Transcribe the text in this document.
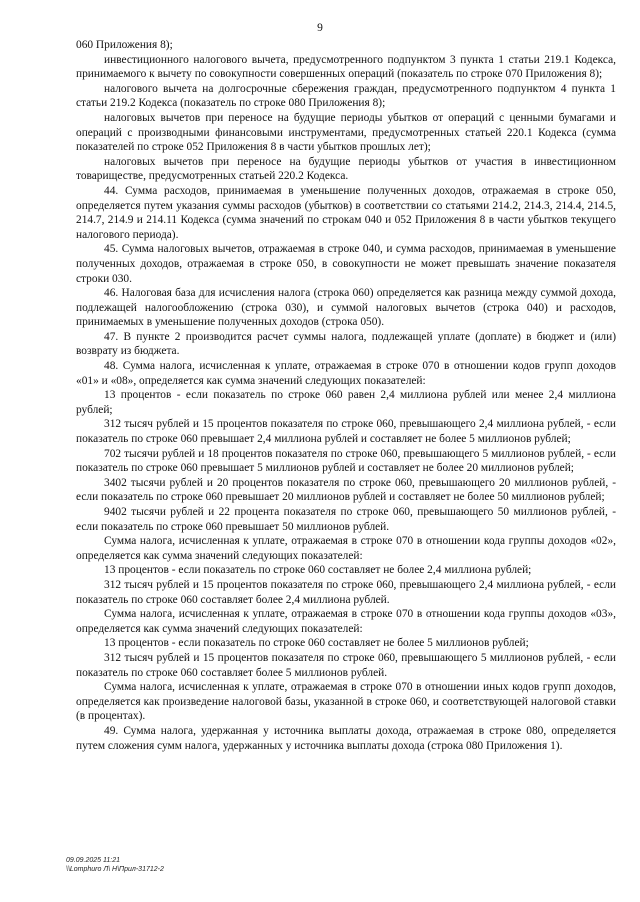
9

060 Приложения 8);

инвестиционного налогового вычета, предусмотренного подпунктом 3 пункта 1 статьи 219.1 Кодекса, принимаемого к вычету по совокупности совершенных операций (показатель по строке 070 Приложения 8);

налогового вычета на долгосрочные сбережения граждан, предусмотренного подпунктом 4 пункта 1 статьи 219.2 Кодекса (показатель по строке 080 Приложения 8);

налоговых вычетов при переносе на будущие периоды убытков от операций с ценными бумагами и операций с производными финансовыми инструментами, предусмотренных статьей 220.1 Кодекса (сумма показателей по строке 052 Приложения 8 в части убытков прошлых лет);

налоговых вычетов при переносе на будущие периоды убытков от участия в инвестиционном товариществе, предусмотренных статьей 220.2 Кодекса.

44. Сумма расходов, принимаемая в уменьшение полученных доходов, отражаемая в строке 050, определяется путем указания суммы расходов (убытков) в соответствии со статьями 214.2, 214.3, 214.4, 214.5, 214.7, 214.9 и 214.11 Кодекса (сумма значений по строкам 040 и 052 Приложения 8 в части убытков текущего налогового периода).

45. Сумма налоговых вычетов, отражаемая в строке 040, и сумма расходов, принимаемая в уменьшение полученных доходов, отражаемая в строке 050, в совокупности не может превышать значение показателя строки 030.

46. Налоговая база для исчисления налога (строка 060) определяется как разница между суммой дохода, подлежащей налогообложению (строка 030), и суммой налоговых вычетов (строка 040) и расходов, принимаемых в уменьшение полученных доходов (строка 050).

47. В пункте 2 производится расчет суммы налога, подлежащей уплате (доплате) в бюджет и (или) возврату из бюджета.

48. Сумма налога, исчисленная к уплате, отражаемая в строке 070 в отношении кодов групп доходов «01» и «08», определяется как сумма значений следующих показателей:

13 процентов - если показатель по строке 060 равен 2,4 миллиона рублей или менее 2,4 миллиона рублей;

312 тысяч рублей и 15 процентов показателя по строке 060, превышающего 2,4 миллиона рублей, - если показатель по строке 060 превышает 2,4 миллиона рублей и составляет не более 5 миллионов рублей;

702 тысячи рублей и 18 процентов показателя по строке 060, превышающего 5 миллионов рублей, - если показатель по строке 060 превышает 5 миллионов рублей и составляет не более 20 миллионов рублей;

3402 тысячи рублей и 20 процентов показателя по строке 060, превышающего 20 миллионов рублей, - если показатель по строке 060 превышает 20 миллионов рублей и составляет не более 50 миллионов рублей;

9402 тысячи рублей и 22 процента показателя по строке 060, превышающего 50 миллионов рублей, - если показатель по строке 060 превышает 50 миллионов рублей.

Сумма налога, исчисленная к уплате, отражаемая в строке 070 в отношении кода группы доходов «02», определяется как сумма значений следующих показателей:

13 процентов - если показатель по строке 060 составляет не более 2,4 миллиона рублей;

312 тысяч рублей и 15 процентов показателя по строке 060, превышающего 2,4 миллиона рублей, - если показатель по строке 060 составляет более 2,4 миллиона рублей.

Сумма налога, исчисленная к уплате, отражаемая в строке 070 в отношении кода группы доходов «03», определяется как сумма значений следующих показателей:

13 процентов - если показатель по строке 060 составляет не более 5 миллионов рублей;

312 тысяч рублей и 15 процентов показателя по строке 060, превышающего 5 миллионов рублей, - если показатель по строке 060 составляет более 5 миллионов рублей.

Сумма налога, исчисленная к уплате, отражаемая в строке 070 в отношении иных кодов групп доходов, определяется как произведение налоговой базы, указанной в строке 060, и соответствующей налоговой ставки (в процентах).

49. Сумма налога, удержанная у источника выплаты дохода, отражаемая в строке 080, определяется путем сложения сумм налога, удержанных у источника выплаты дохода (строка 080 Приложения 1).

09.09.2025 11:21
\\Lomphuro Л\ Н\Прил-31712-2
